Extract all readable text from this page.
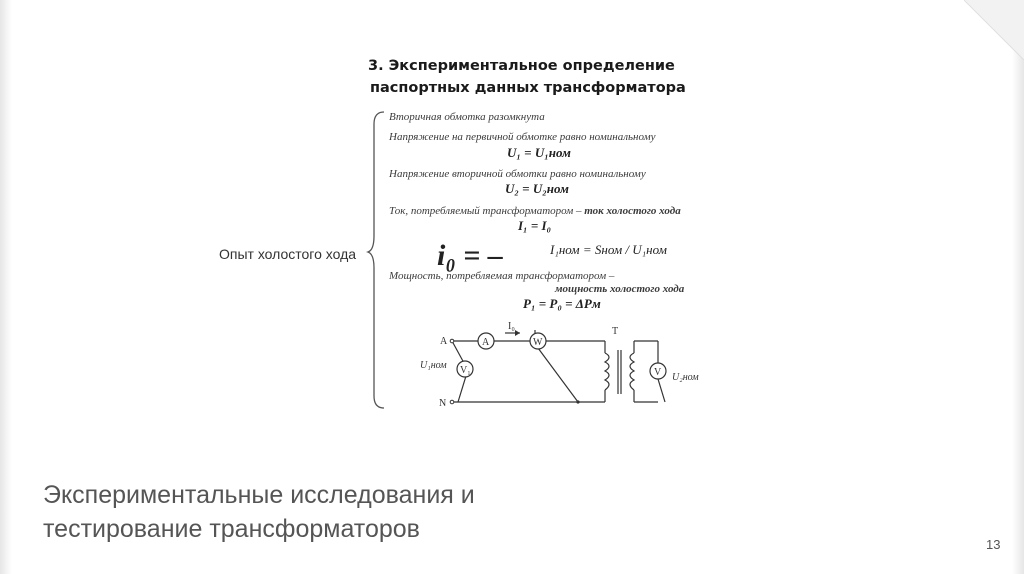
3. Экспериментальное определение
паспортных данных трансформатора
Опыт холостого хода
Вторичная обмотка разомкнута
Напряжение на первичной обмотке равно номинальному
U₁ = U₁ном
Напряжение вторичной обмотки равно номинальному
U₂ = U₂ном
Ток, потребляемый трансформатором – ток холостого хода
I₁ = I₀
i₀ = –	I₁ном = Sном / U₁ном
Мощность, потребляемая трансформатором –
мощность холостого хода
P₁ = P₀ = ΔPм
A
N
A	W
V₁	V
T
I₀
U₁ном
U₂ном
Экспериментальные исследования и
тестирование трансформаторов
13
